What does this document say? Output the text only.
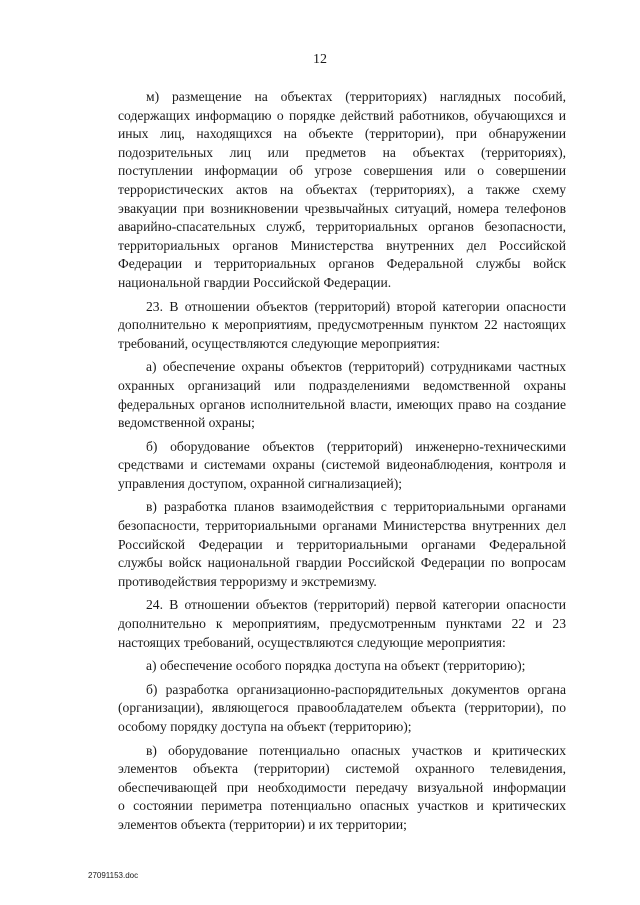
12

м) размещение на объектах (территориях) наглядных пособий,

содержащих информацию о порядке действий работников, обучающихся и

иных лиц, находящихся на объекте (территории), при обнаружении

подозрительных лиц или предметов на объектах (территориях),

поступлении информации об угрозе совершения или о совершении

террористических актов на объектах (территориях), а также схему

эвакуации при возникновении чрезвычайных ситуаций, номера телефонов

аварийно-спасательных служб, территориальных органов безопасности,

территориальных органов Министерства внутренних дел Российской

Федерации и территориальных органов Федеральной службы войск

национальной гвардии Российской Федерации.

23. В отношении объектов (территорий) второй категории опасности

дополнительно к мероприятиям, предусмотренным пунктом 22 настоящих

требований, осуществляются следующие мероприятия:

а) обеспечение охраны объектов (территорий) сотрудниками частных

охранных организаций или подразделениями ведомственной охраны

федеральных органов исполнительной власти, имеющих право на создание

ведомственной охраны;

б) оборудование объектов (территорий) инженерно-техническими

средствами и системами охраны (системой видеонаблюдения, контроля и

управления доступом, охранной сигнализацией);

в) разработка планов взаимодействия с территориальными органами

безопасности, территориальными органами Министерства внутренних дел

Российской Федерации и территориальными органами Федеральной

службы войск национальной гвардии Российской Федерации по вопросам

противодействия терроризму и экстремизму.

24. В отношении объектов (территорий) первой категории опасности

дополнительно к мероприятиям, предусмотренным пунктами 22 и 23

настоящих требований, осуществляются следующие мероприятия:

а) обеспечение особого порядка доступа на объект (территорию);

б) разработка организационно-распорядительных документов органа

(организации), являющегося правообладателем объекта (территории), по

особому порядку доступа на объект (территорию);

в) оборудование потенциально опасных участков и критических

элементов объекта (территории) системой охранного телевидения,

обеспечивающей при необходимости передачу визуальной информации

о состоянии периметра потенциально опасных участков и критических

элементов объекта (территории) и их территории;

27091153.doc
